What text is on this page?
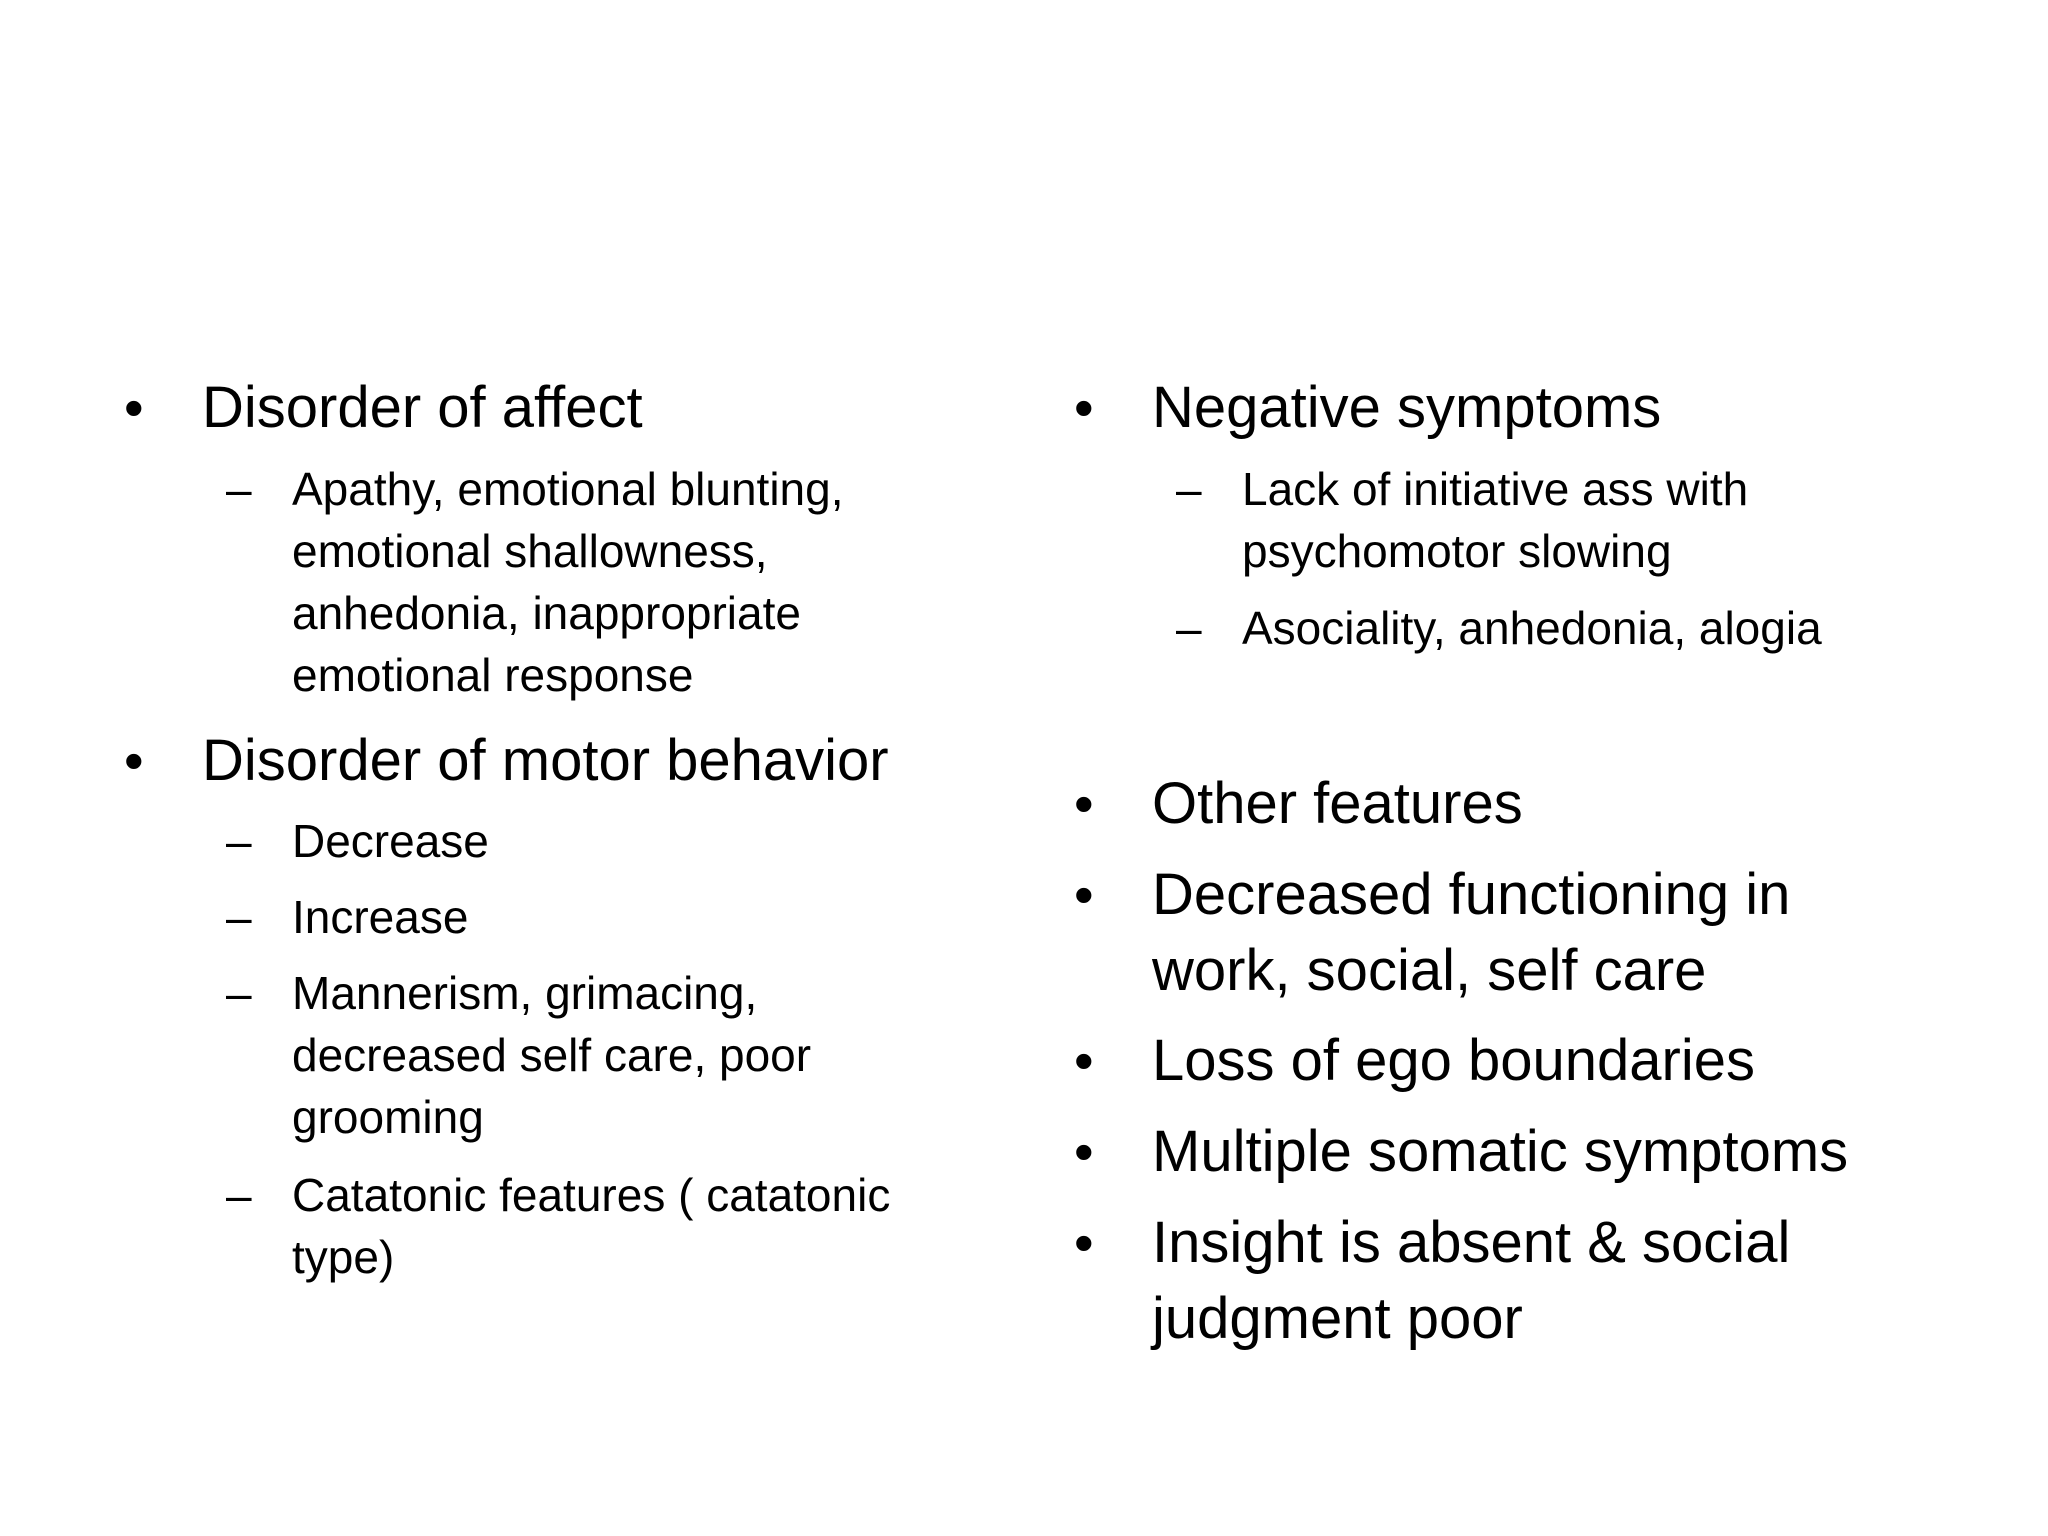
• Disorder of affect
– Apathy, emotional blunting,
emotional shallowness,
anhedonia, inappropriate
emotional response
• Disorder of motor behavior
– Decrease
– Increase
– Mannerism, grimacing,
decreased self care, poor
grooming
– Catatonic features ( catatonic
type)
• Negative symptoms
– Lack of initiative ass with
psychomotor slowing
– Asociality, anhedonia, alogia
• Other features
• Decreased functioning in
work, social, self care
• Loss of ego boundaries
• Multiple somatic symptoms
• Insight is absent & social
judgment poor
